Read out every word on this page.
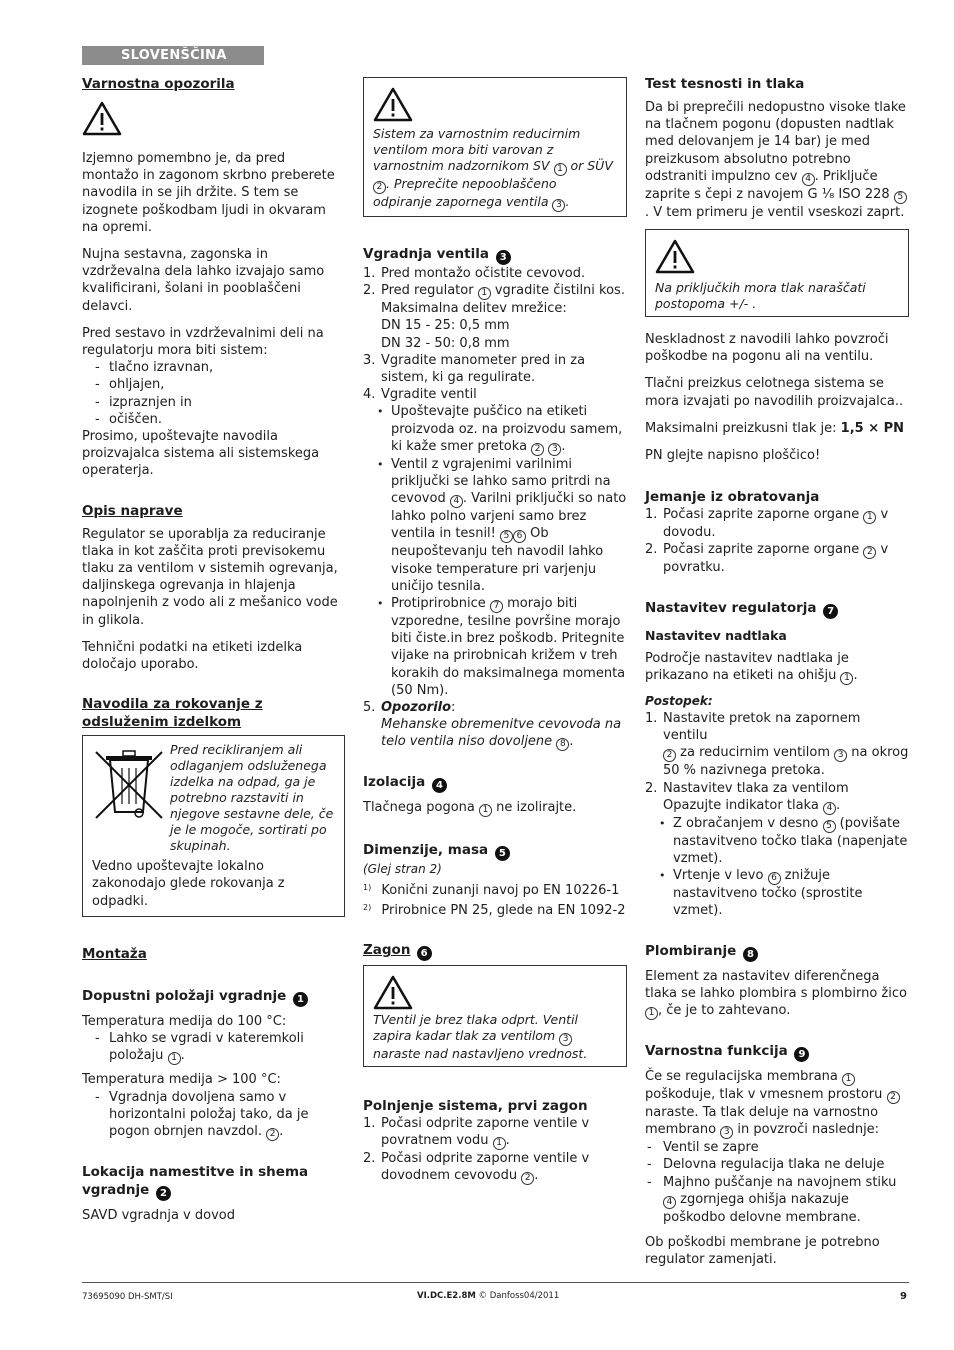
SLOVENŠČINA
Varnostna opozorila

Izjemno pomembno je, da pred montažo in zagonom skrbno preberete navodila in se jih držite. S tem se izognete poškodbam ljudi in okvaram na opremi.

Nujna sestavna, zagonska in vzdrževalna dela lahko izvajajo samo kvalificirani, šolani in pooblaščeni delavci.

Pred sestavo in vzdrževalnimi deli na regulatorju mora biti sistem:

- tlačno izravnan,
- ohljajen,
- izpraznjen in
- očiščen.

Prosimo, upoštevajte navodila proizvajalca sistema ali sistemskega operaterja.

Opis naprave

Regulator se uporablja za reduciranje tlaka in kot zaščita proti previsokemu tlaku za ventilom v sistemih ogrevanja, daljinskega ogrevanja in hlajenja napolnjenih z vodo ali z mešanico vode in glikola.

Tehnični podatki na etiketi izdelka določajo uporabo.

Navodila za rokovanje z odsluženim izdelkom

Pred recikliranjem ali odlaganjem odsluženega izdelka na odpad, ga je potrebno razstaviti in njegove sestavne dele, če je le mogoče, sortirati po skupinah.

Vedno upoštevajte lokalno zakonodajo glede rokovanja z odpadki.

Montaža
Dopustni položaji vgradnje 1

Temperatura medija do 100 °C:

- Lahko se vgradi v kateremkoli položaju 1 .

Temperatura medija > 100 °C:

- Vgradnja dovoljena samo v horizontalni položaj tako, da je pogon obrnjen navzdol. 2 .
Lokacija namestitve in shema vgradnje 2

SAVD vgradnja v dovod

Sistem za varnostnim reducirnim ventilom mora biti varovan z varnostnim nadzornikom SV 1 or SÜV 2 . Preprečite nepooblaščeno odpiranje zapornega ventila 3 .

Vgradnja ventila 3
1. Pred montažo očistite cevovod.
2. Pred regulator 1 vgradite čistilni kos. Maksimalna delitev mrežice:
DN 15 - 25: 0,5 mm
DN 32 - 50: 0,8 mm
3. Vgradite manometer pred in za sistem, ki ga regulirate.
4. Vgradite ventil
• Upoštevajte puščico na etiketi proizvoda oz. na proizvodu samem, ki kaže smer pretoka 2 3 .
• Ventil z vgrajenimi varilnimi priključki se lahko samo pritrdi na cevovod 4 . Varilni priključki so nato lahko polno varjeni samo brez ventila in tesnil! 5 6 Ob neupoštevanju teh navodil lahko visoke temperature pri varjenju uničijo tesnila.
• Protiprirobnice 7 morajo biti vzporedne, tesilne površine morajo biti čiste.in brez poškodb. Pritegnite vijake na prirobnicah križem v treh korakih do maksimalnega momenta (50 Nm).
5. Opozorilo:
Mehanske obremenitve cevovoda na telo ventila niso dovoljene 8 .
Izolacija 4

Tlačnega pogona 1 ne izolirajte.

Dimenzije, masa 5

(Glej stran 2)

$^{1)}$ Konični zunanji navoj po EN 10226-1

$^{2)}$ Prirobnice PN 25, glede na EN 1092-2

Zagon 6

TVentil je brez tlaka odprt. Ventil zapira kadar tlak za ventilom 3 naraste nad nastavljeno vrednost.

Polnjenje sistema, prvi zagon
1. Počasi odprite zaporne ventile v povratnem vodu 1 .
2. Počasi odprite zaporne ventile v dovodnem cevovodu 2 .
Test tesnosti in tlaka

Da bi preprečili nedopustno visoke tlake na tlačnem pogonu (dopusten nadtlak med delovanjem je 14 bar) je med preizkusom absolutno potrebno odstraniti impulzno cev 4 . Priključe zaprite s čepi z navojem G ¹⁄₈ ISO 228 5. V tem primeru je ventil vseskozi zaprt.

Na priključkih mora tlak naraščati postopoma +/- .

Neskladnost z navodili lahko povzroči poškodbe na pogonu ali na ventilu.

Tlačni preizkus celotnega sistema se mora izvajati po navodilih proizvajalca..

Maksimalni preizkusni tlak je: 1,5 × PN

PN glejte napisno ploščico!

Jemanje iz obratovanja
1. Počasi zaprite zaporne organe 1 v dovodu.
2. Počasi zaprite zaporne organe 2 v povratku.
Nastavitev regulatorja 7
Nastavitev nadtlaka

Področje nastavitev nadtlaka je prikazano na etiketi na ohišju 1 .

Postopek:

1. Nastavite pretok na zapornem ventilu
2 za reducirnim ventilom 3 na okrog 50 % nazivnega pretoka.
2. Nastavitev tlaka za ventilom Opazujte indikator tlaka 4 .
• Z obračanjem v desno 5 (povišate nastavitveno točko tlaka (napenjate vzmet).
• Vrtenje v levo 6 znižuje nastavitveno točko (sprostite vzmet).
Plombiranje 8

Element za nastavitev diferenčnega tlaka se lahko plombira s plombirno žico 1 , če je to zahtevano.

Varnostna funkcija 9

Če se regulacijska membrana 1 poškoduje, tlak v vmesnem prostoru 2 naraste. Ta tlak deluje na varnostno membrano 3 in povzroči naslednje:

- Ventil se zapre
- Delovna regulacija tlaka ne deluje
- Majhno puščanje na navojnem stiku 4 zgornjega ohišja nakazuje poškodbo delovne membrane.

Ob poškodbi membrane je potrebno regulator zamenjati.

73695090 DH-SMT/SI	VI.DC.E2.8M © Danfoss04/2011	9
